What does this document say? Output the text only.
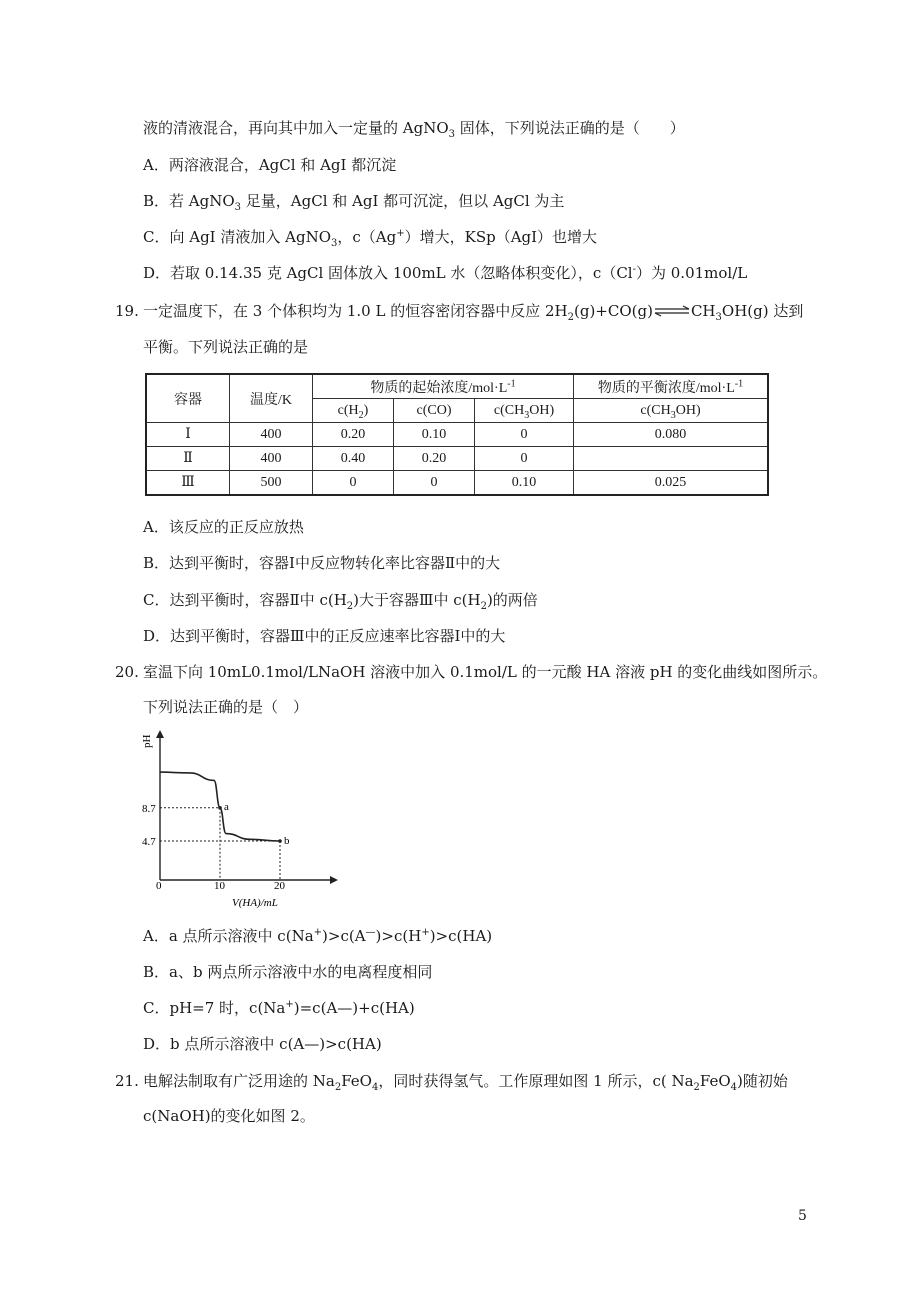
液的清液混合，再向其中加入一定量的 AgNO$_3$ 固体，下列说法正确的是（　　）
A．两溶液混合，AgCl 和 AgI 都沉淀
B．若 AgNO$_3$ 足量，AgCl 和 AgI 都可沉淀，但以 AgCl 为主
C．向 AgI 清液加入 AgNO$_3$，c（Ag+）增大，KSp（AgI）也增大
D．若取 0.14.35 克 AgCl 固体放入 100mL 水（忽略体积变化），c（Cl-）为 0.01mol/L
19. 一定温度下，在 3 个体积均为 1.0 L 的恒容密闭容器中反应 $2H_2(g)+CO(g)\rightleftharpoons CH_3OH(g)$ 达到
平衡。下列说法正确的是
容器	温度/K	物质的起始浓度$/mol\cdot L^{-1}$			物质的平衡浓度$/mol\cdot L^{-1}$
		$c(H_2)$	c(CO)	$c(CH_3OH)$	$c(CH_3OH)$
Ⅰ	400	0.20	0.10	0	0.080
Ⅱ	400	0.40	0.20	0	
Ⅲ	500	0	0	0.10	0.025
A．该反应的正反应放热
B．达到平衡时，容器Ⅰ中反应物转化率比容器Ⅱ中的大
C．达到平衡时，容器Ⅱ中 $c(H_2)$大于容器Ⅲ中 $c(H_2)$的两倍
D．达到平衡时，容器Ⅲ中的正反应速率比容器Ⅰ中的大
20. 室温下向 10mL0.1mol/LNaOH 溶液中加入 0.1mol/L 的一元酸 HA 溶液 pH 的变化曲线如图所示。
下列说法正确的是（　）
pH
a
b
8.7
4.7
0	10	20
V(HA)/mL
A．a 点所示溶液中 c(Na+)>c(A—)>c(H+)>c(HA)
B．a、b 两点所示溶液中水的电离程度相同
C．pH=7 时，c(Na+)=c(A—)+c(HA)
D．b 点所示溶液中 c(A—)>c(HA)
21. 电解法制取有广泛用途的 $Na_2FeO_4$，同时获得氢气。工作原理如图 1 所示，c( $Na_2FeO_4$)随初始
c(NaOH)的变化如图 2。
5
